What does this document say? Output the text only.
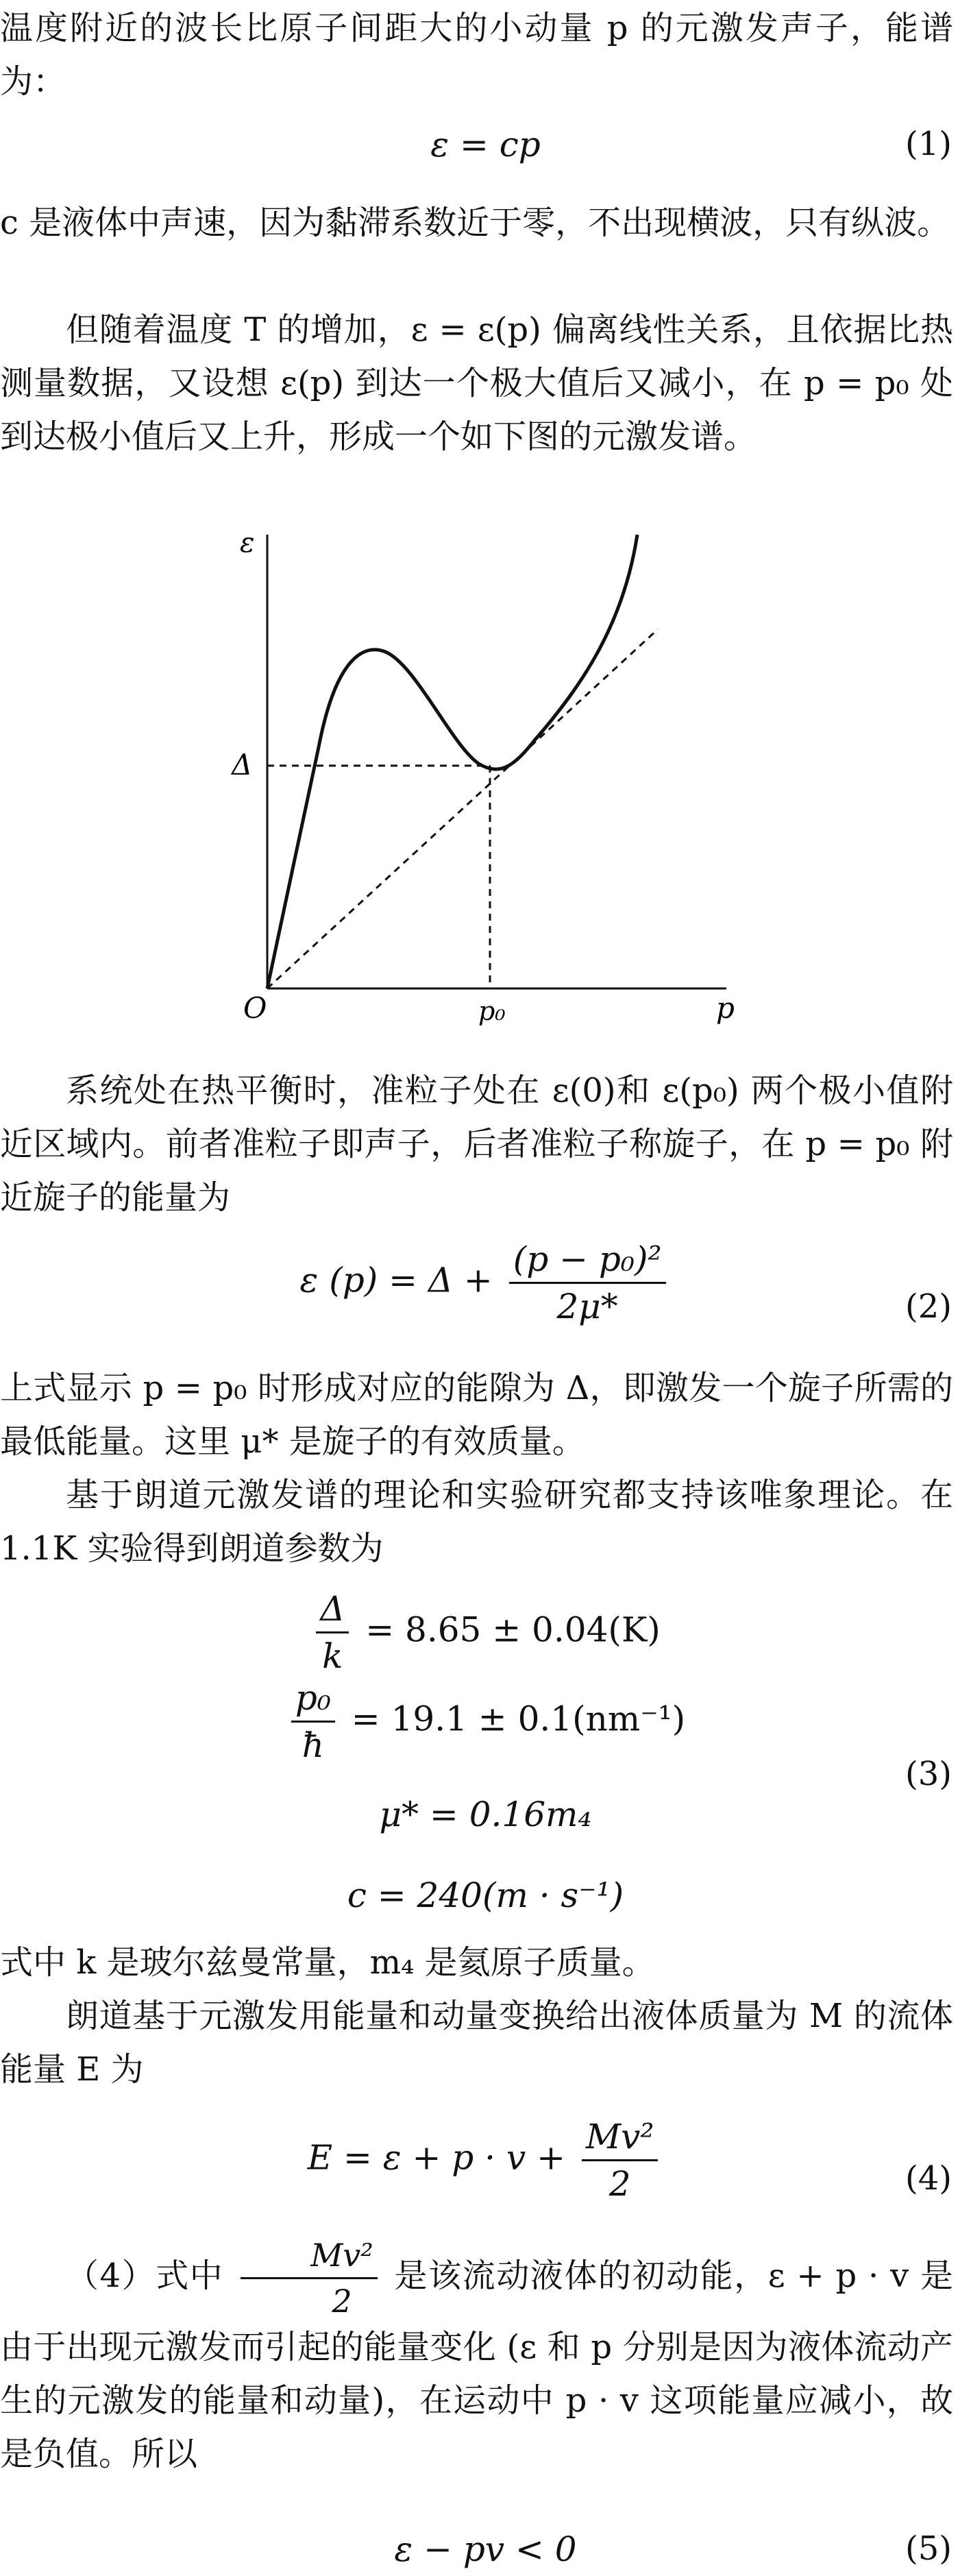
温度附近的波长比原子间距大的小动量 p 的元激发声子，能谱为：
ε = cp	(1)
c 是液体中声速，因为黏滞系数近于零，不出现横波，只有纵波。
但随着温度 T 的增加，ε = ε(p) 偏离线性关系，且依据比热测量数据，又设想 ε(p) 到达一个极大值后又减小，在 p = p₀ 处到达极小值后又上升，形成一个如下图的元激发谱。
ε
Δ
O	p₀	p
系统处在热平衡时，准粒子处在 ε(0)和 ε(p₀) 两个极小值附近区域内。前者准粒子即声子，后者准粒子称旋子，在 p = p₀ 附近旋子的能量为
ε $(p) = \Delta + \frac{\text{(p − p₀)²}}{2\mu*}$	(2)
上式显示 p = p₀ 时形成对应的能隙为 Δ，即激发一个旋子所需的最低能量。这里 μ* 是旋子的有效质量。
基于朗道元激发谱的理论和实验研究都支持该唯象理论。在 1.1K 实验得到朗道参数为
$\frac{\Delta}{k} = 8.65 \pm 0.04(K)$
$\frac{\text{p₀}}{ħ} = 19.1 \pm 0.1(nm^{-1})$
(3)
μ* = 0.16m₄
c = 240(m · s⁻¹)
式中 k 是玻尔兹曼常量，m₄ 是氦原子质量。
朗道基于元激发用能量和动量变换给出液体质量为 M 的流体能量 E 为
$E = \varepsilon + p \cdot v + \frac{\text{Mv²}}{2}$	(4)
（4）式中 $\frac{\text{Mv²}}{2}$ 是该流动液体的初动能，ε + p · v 是由于出现元激发而引起的能量变化 (ε 和 p 分别是因为液体流动产生的元激发的能量和动量)，在运动中 p · v 这项能量应减小，故是负值。所以
ε − pv < 0	(5)
